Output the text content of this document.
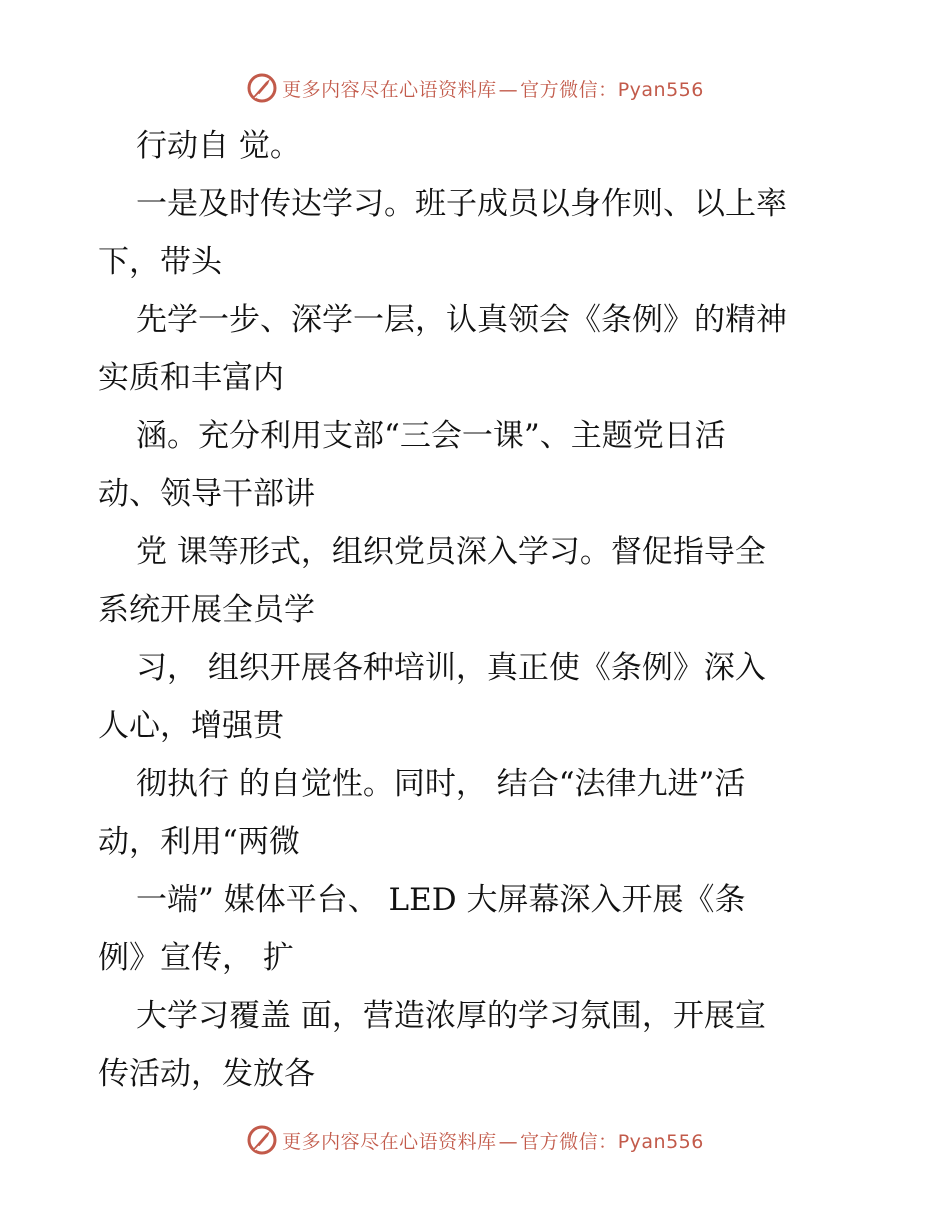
更多内容尽在心语资料库 — 官方微信：Pyan556
行动自 觉。
一是及时传达学习。班子成员以身作则、以上率
下，带头
先学一步、深学一层，认真领会《条例》的精神
实质和丰富内
涵。充分利用支部“三会一课”、主题党日活
动、领导干部讲
党 课等形式，组织党员深入学习。督促指导全
系统开展全员学
习， 组织开展各种培训，真正使《条例》深入
人心，增强贯
彻执行 的自觉性。同时， 结合“法律九进”活
动，利用“两微
一端” 媒体平台、 LED 大屏幕深入开展《条
例》宣传， 扩
大学习覆盖 面，营造浓厚的学习氛围，开展宣
传活动，发放各
更多内容尽在心语资料库 — 官方微信：Pyan556
